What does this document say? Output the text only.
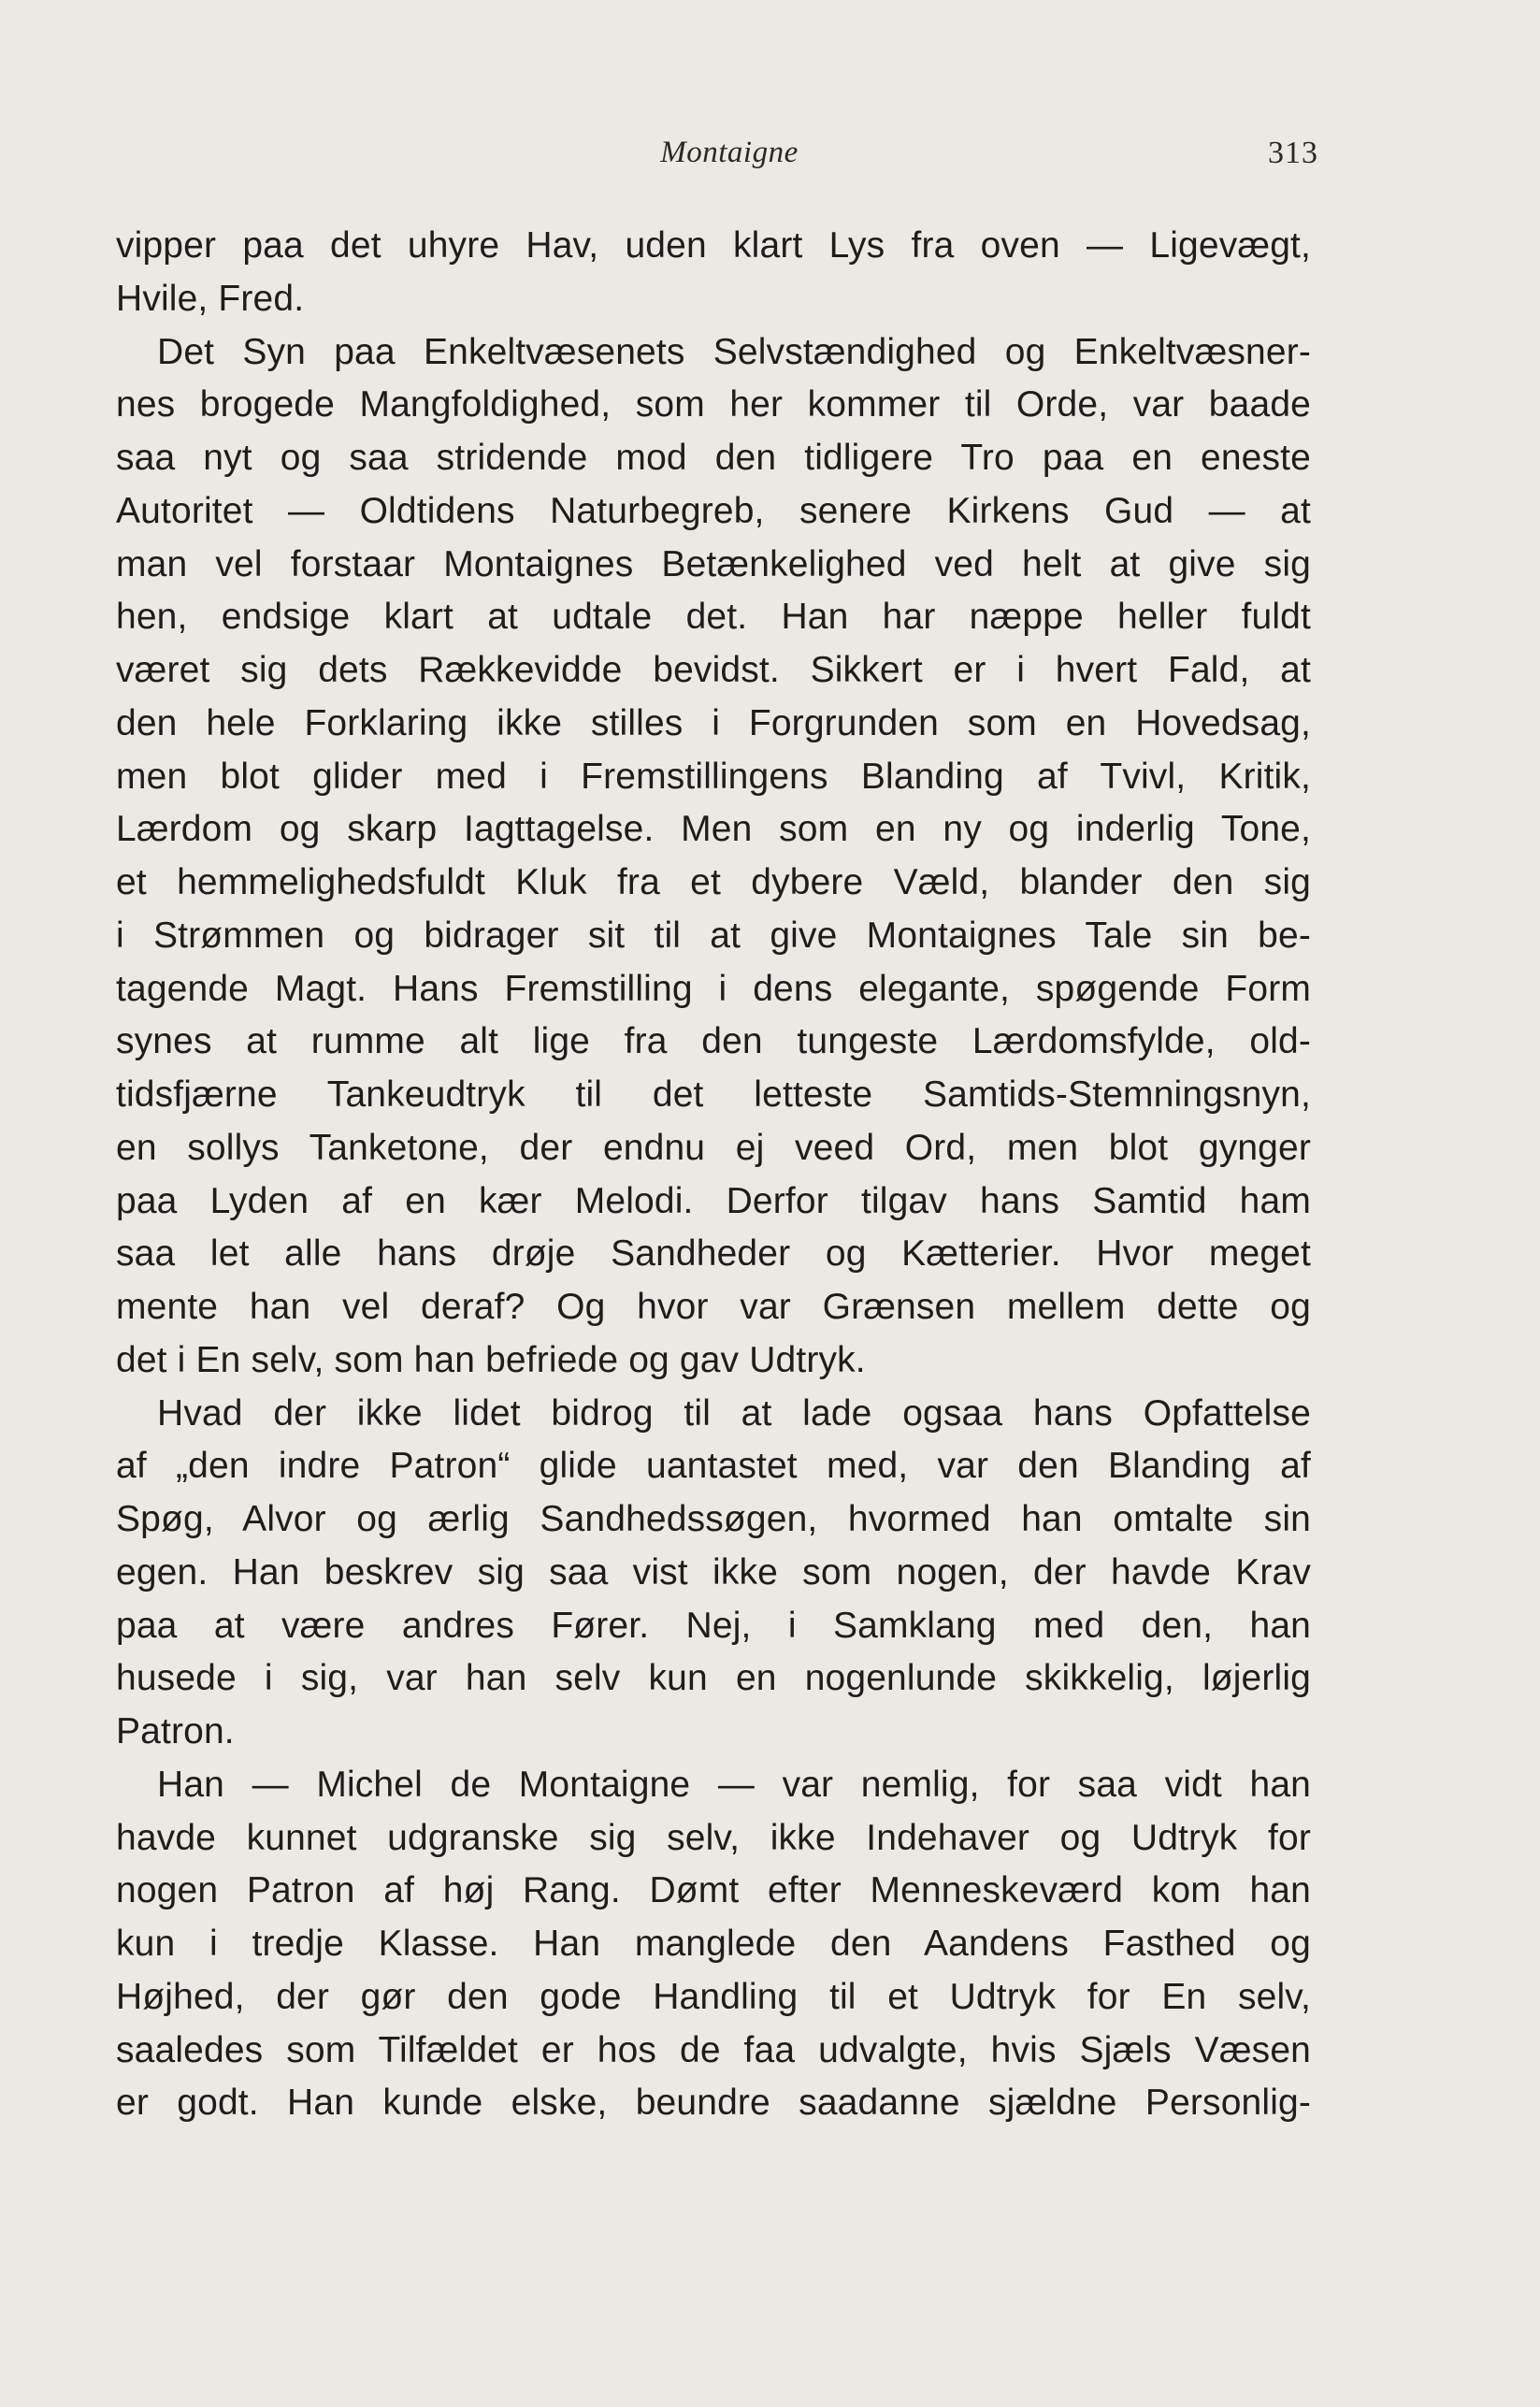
Montaigne	313
vipper paa det uhyre Hav, uden klart Lys fra oven — Ligevægt,
Hvile, Fred.
Det Syn paa Enkeltvæsenets Selvstændighed og Enkeltvæsner-
nes brogede Mangfoldighed, som her kommer til Orde, var baade
saa nyt og saa stridende mod den tidligere Tro paa en eneste
Autoritet — Oldtidens Naturbegreb, senere Kirkens Gud — at
man vel forstaar Montaignes Betænkelighed ved helt at give sig
hen, endsige klart at udtale det. Han har næppe heller fuldt
været sig dets Rækkevidde bevidst. Sikkert er i hvert Fald, at
den hele Forklaring ikke stilles i Forgrunden som en Hovedsag,
men blot glider med i Fremstillingens Blanding af Tvivl, Kritik,
Lærdom og skarp Iagttagelse. Men som en ny og inderlig Tone,
et hemmelighedsfuldt Kluk fra et dybere Væld, blander den sig
i Strømmen og bidrager sit til at give Montaignes Tale sin be-
tagende Magt. Hans Fremstilling i dens elegante, spøgende Form
synes at rumme alt lige fra den tungeste Lærdomsfylde, old-
tidsfjærne Tankeudtryk til det letteste Samtids-Stemningsnyn,
en sollys Tanketone, der endnu ej veed Ord, men blot gynger
paa Lyden af en kær Melodi. Derfor tilgav hans Samtid ham
saa let alle hans drøje Sandheder og Kætterier. Hvor meget
mente han vel deraf? Og hvor var Grænsen mellem dette og
det i En selv, som han befriede og gav Udtryk.
Hvad der ikke lidet bidrog til at lade ogsaa hans Opfattelse
af „den indre Patron“ glide uantastet med, var den Blanding af
Spøg, Alvor og ærlig Sandhedssøgen, hvormed han omtalte sin
egen. Han beskrev sig saa vist ikke som nogen, der havde Krav
paa at være andres Fører. Nej, i Samklang med den, han
husede i sig, var han selv kun en nogenlunde skikkelig, løjerlig
Patron.
Han — Michel de Montaigne — var nemlig, for saa vidt han
havde kunnet udgranske sig selv, ikke Indehaver og Udtryk for
nogen Patron af høj Rang. Dømt efter Menneskeværd kom han
kun i tredje Klasse. Han manglede den Aandens Fasthed og
Højhed, der gør den gode Handling til et Udtryk for En selv,
saaledes som Tilfældet er hos de faa udvalgte, hvis Sjæls Væsen
er godt. Han kunde elske, beundre saadanne sjældne Personlig-
